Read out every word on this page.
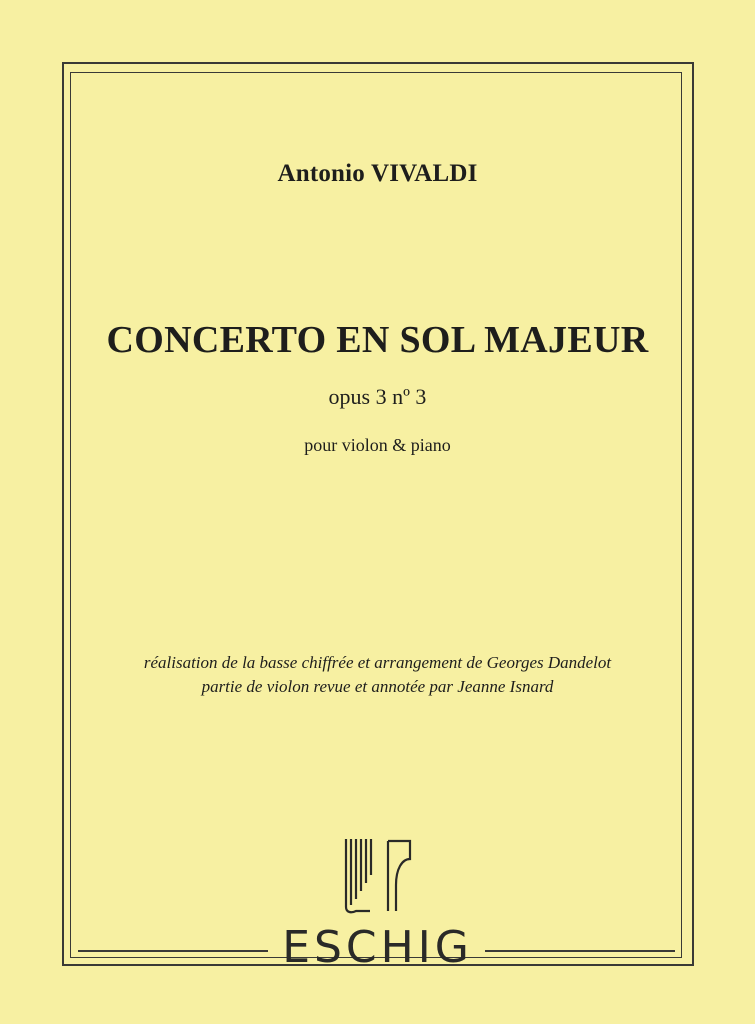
Antonio VIVALDI
CONCERTO EN SOL MAJEUR
opus 3 nº 3
pour violon & piano
réalisation de la basse chiffrée et arrangement de Georges Dandelot
partie de violon revue et annotée par Jeanne Isnard
ESCHIG
